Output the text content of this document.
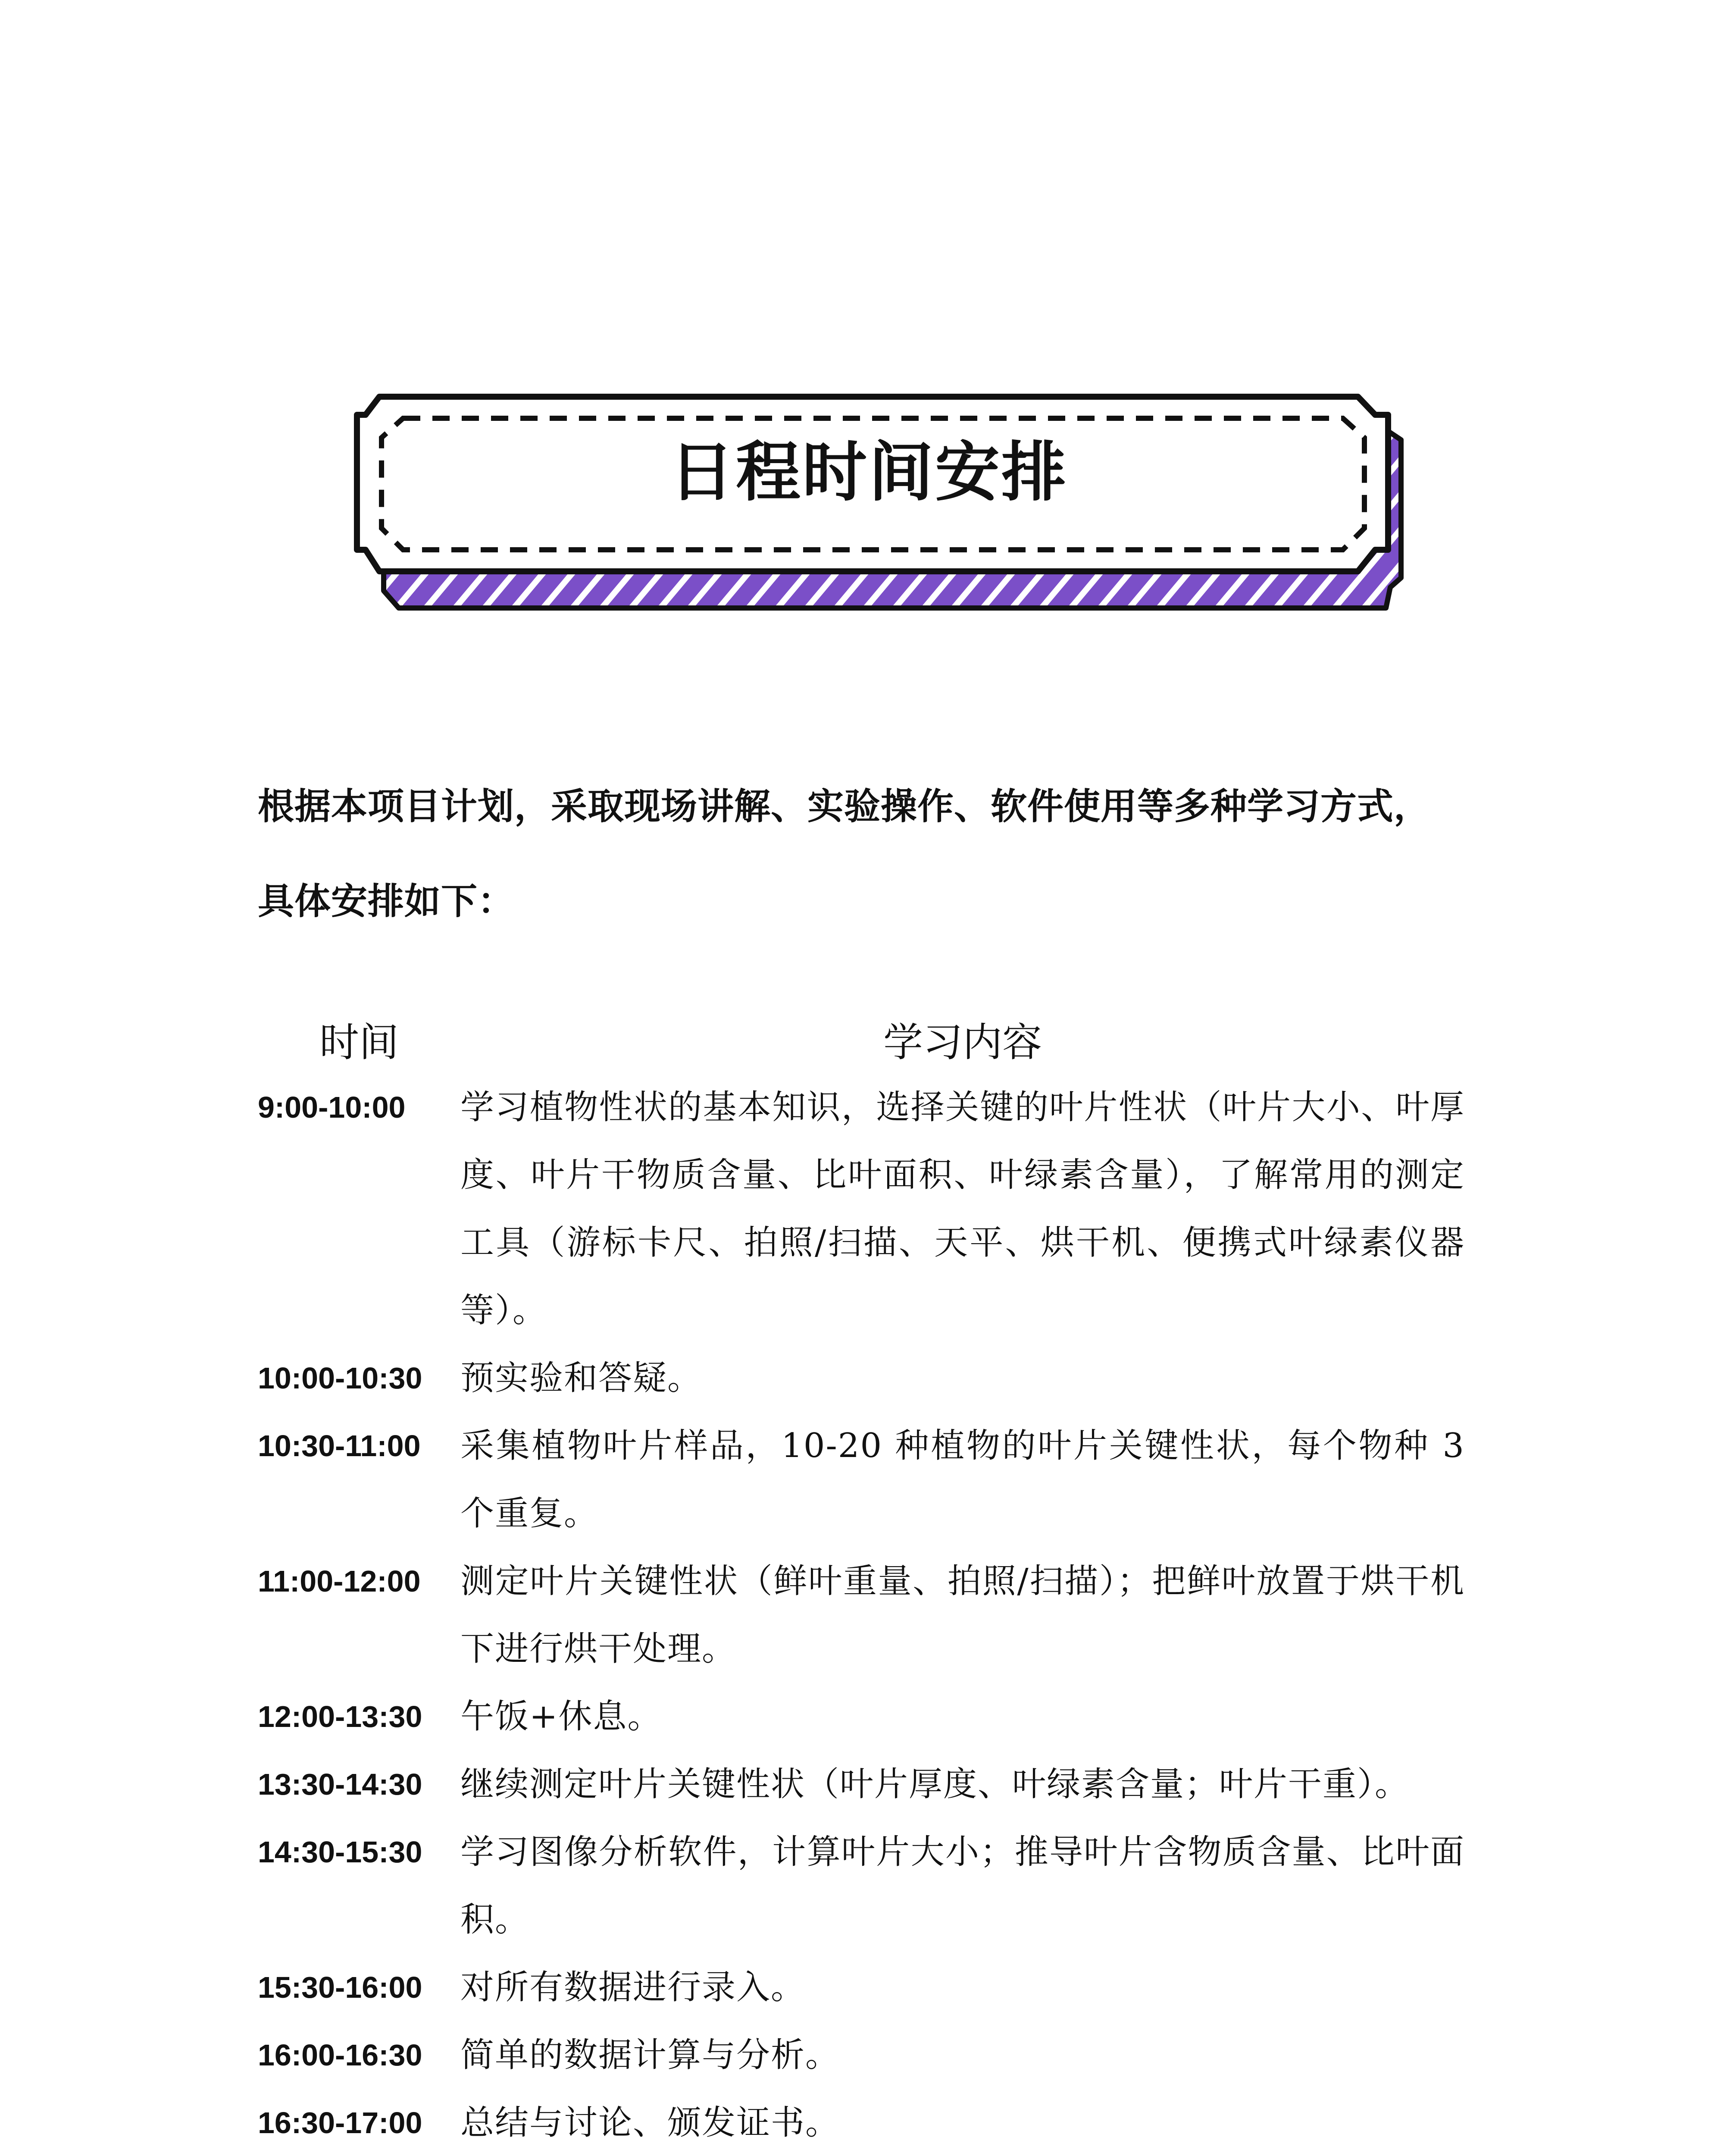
日程时间安排
根据本项目计划，采取现场讲解、实验操作、软件使用等多种学习方式，具体安排如下：
时间	学习内容
9:00-10:00	学习植物性状的基本知识，选择关键的叶片性状（叶片大小、叶厚度、叶片干物质含量、比叶面积、叶绿素含量），了解常用的测定工具（游标卡尺、拍照/扫描、天平、烘干机、便携式叶绿素仪器等）。
10:00-10:30	预实验和答疑。
10:30-11:00	采集植物叶片样品，10-20 种植物的叶片关键性状，每个物种 3 个重复。
11:00-12:00	测定叶片关键性状（鲜叶重量、拍照/扫描）；把鲜叶放置于烘干机下进行烘干处理。
12:00-13:30	午饭+休息。
13:30-14:30	继续测定叶片关键性状（叶片厚度、叶绿素含量；叶片干重）。
14:30-15:30	学习图像分析软件，计算叶片大小；推导叶片含物质含量、比叶面积。
15:30-16:00	对所有数据进行录入。
16:00-16:30	简单的数据计算与分析。
16:30-17:00	总结与讨论、颁发证书。
